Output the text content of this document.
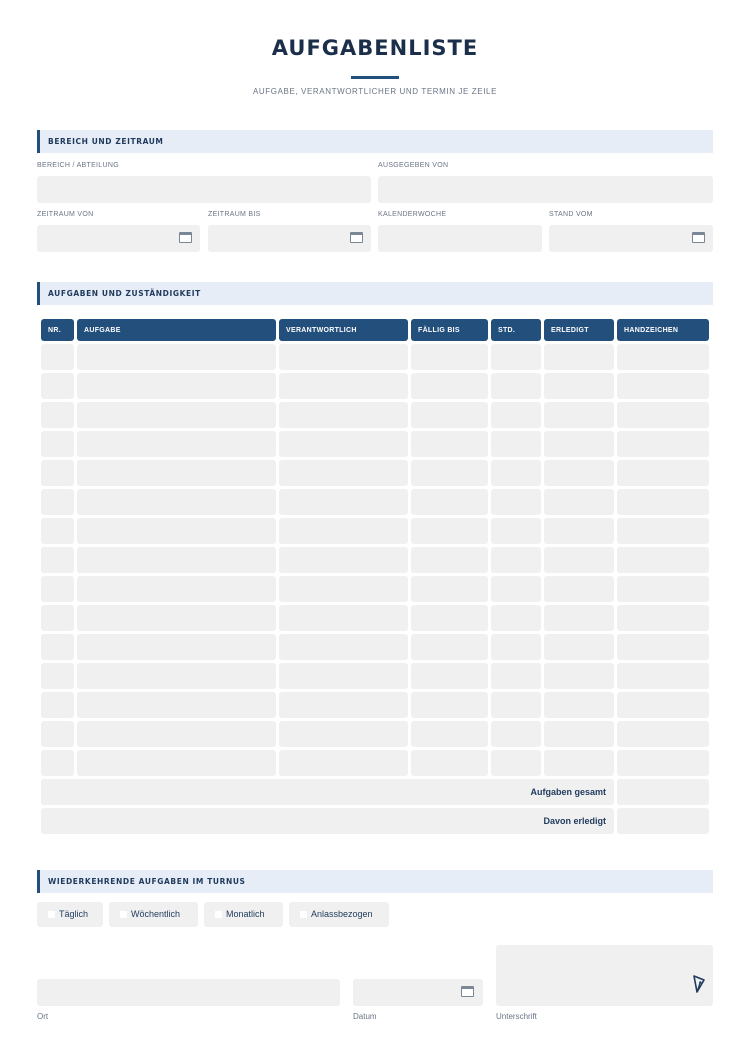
AUFGABENLISTE
AUFGABE, VERANTWORTLICHER UND TERMIN JE ZEILE
BEREICH UND ZEITRAUM
BEREICH / ABTEILUNG	AUSGEGEBEN VON
ZEITRAUM VON	ZEITRAUM BIS	KALENDERWOCHE	STAND VOM
AUFGABEN UND ZUSTÄNDIGKEIT
NR.	AUFGABE	VERANTWORTLICH	FÄLLIG BIS	STD.	ERLEDIGT	HANDZEICHEN

Aufgaben gesamt						
Davon erledigt						
WIEDERKEHRENDE AUFGABEN IM TURNUS
Täglich	Wöchentlich	Monatlich	Anlassbezogen
Ort	Datum	Unterschrift
